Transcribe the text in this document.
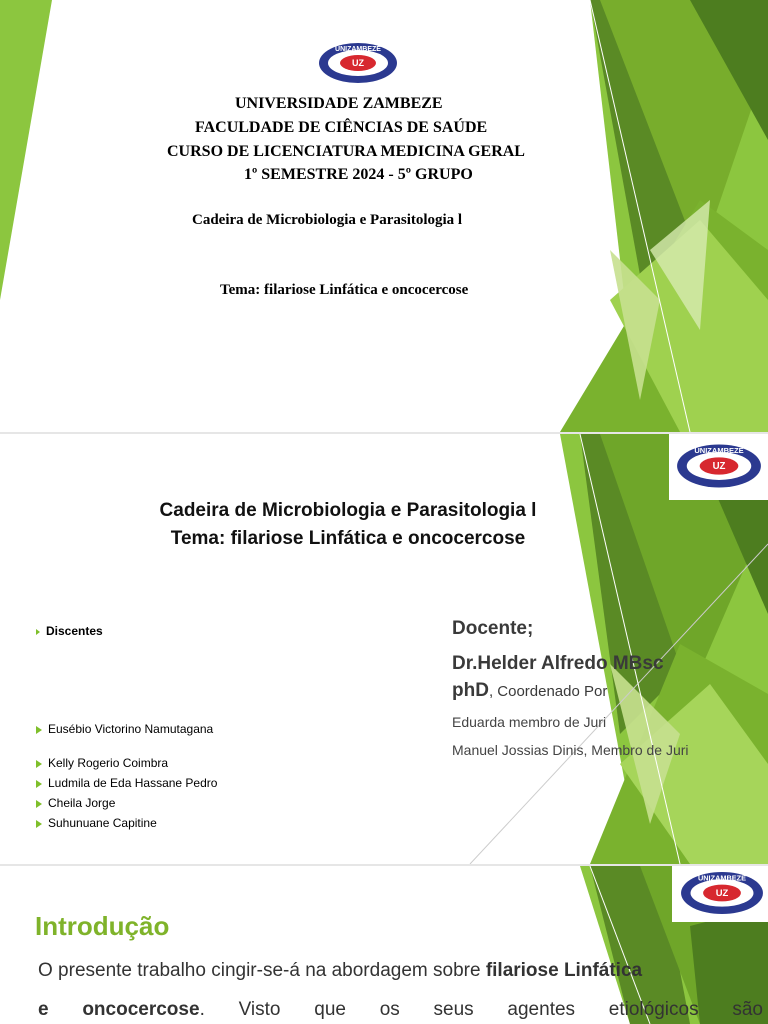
UNIZAMBEZE
UZ
UNIVERSIDADE ZAMBEZE
FACULDADE DE CIÊNCIAS DE SAÚDE
CURSO DE LICENCIATURA MEDICINA GERAL
1º SEMESTRE 2024 - 5º GRUPO
Cadeira de Microbiologia e Parasitologia l
Tema: filariose Linfática e oncocercose
UNIZAMBEZE
UZ
Cadeira de Microbiologia e Parasitologia l
Tema: filariose Linfática e oncocercose
Discentes
Eusébio Victorino Namutagana
Kelly Rogerio Coimbra
Ludmila de Eda Hassane Pedro
Cheila Jorge
Suhunuane Capitine
Docente;
Dr.Helder Alfredo MBsc
phD, Coordenado Por
Eduarda membro de Juri
Manuel Jossias Dinis, Membro de Juri
UNIZAMBEZE
UZ
Introdução
O presente trabalho cingir-se-á na abordagem sobre filariose Linfática
e oncocercose. Visto que os seus agentes etiológicos são
